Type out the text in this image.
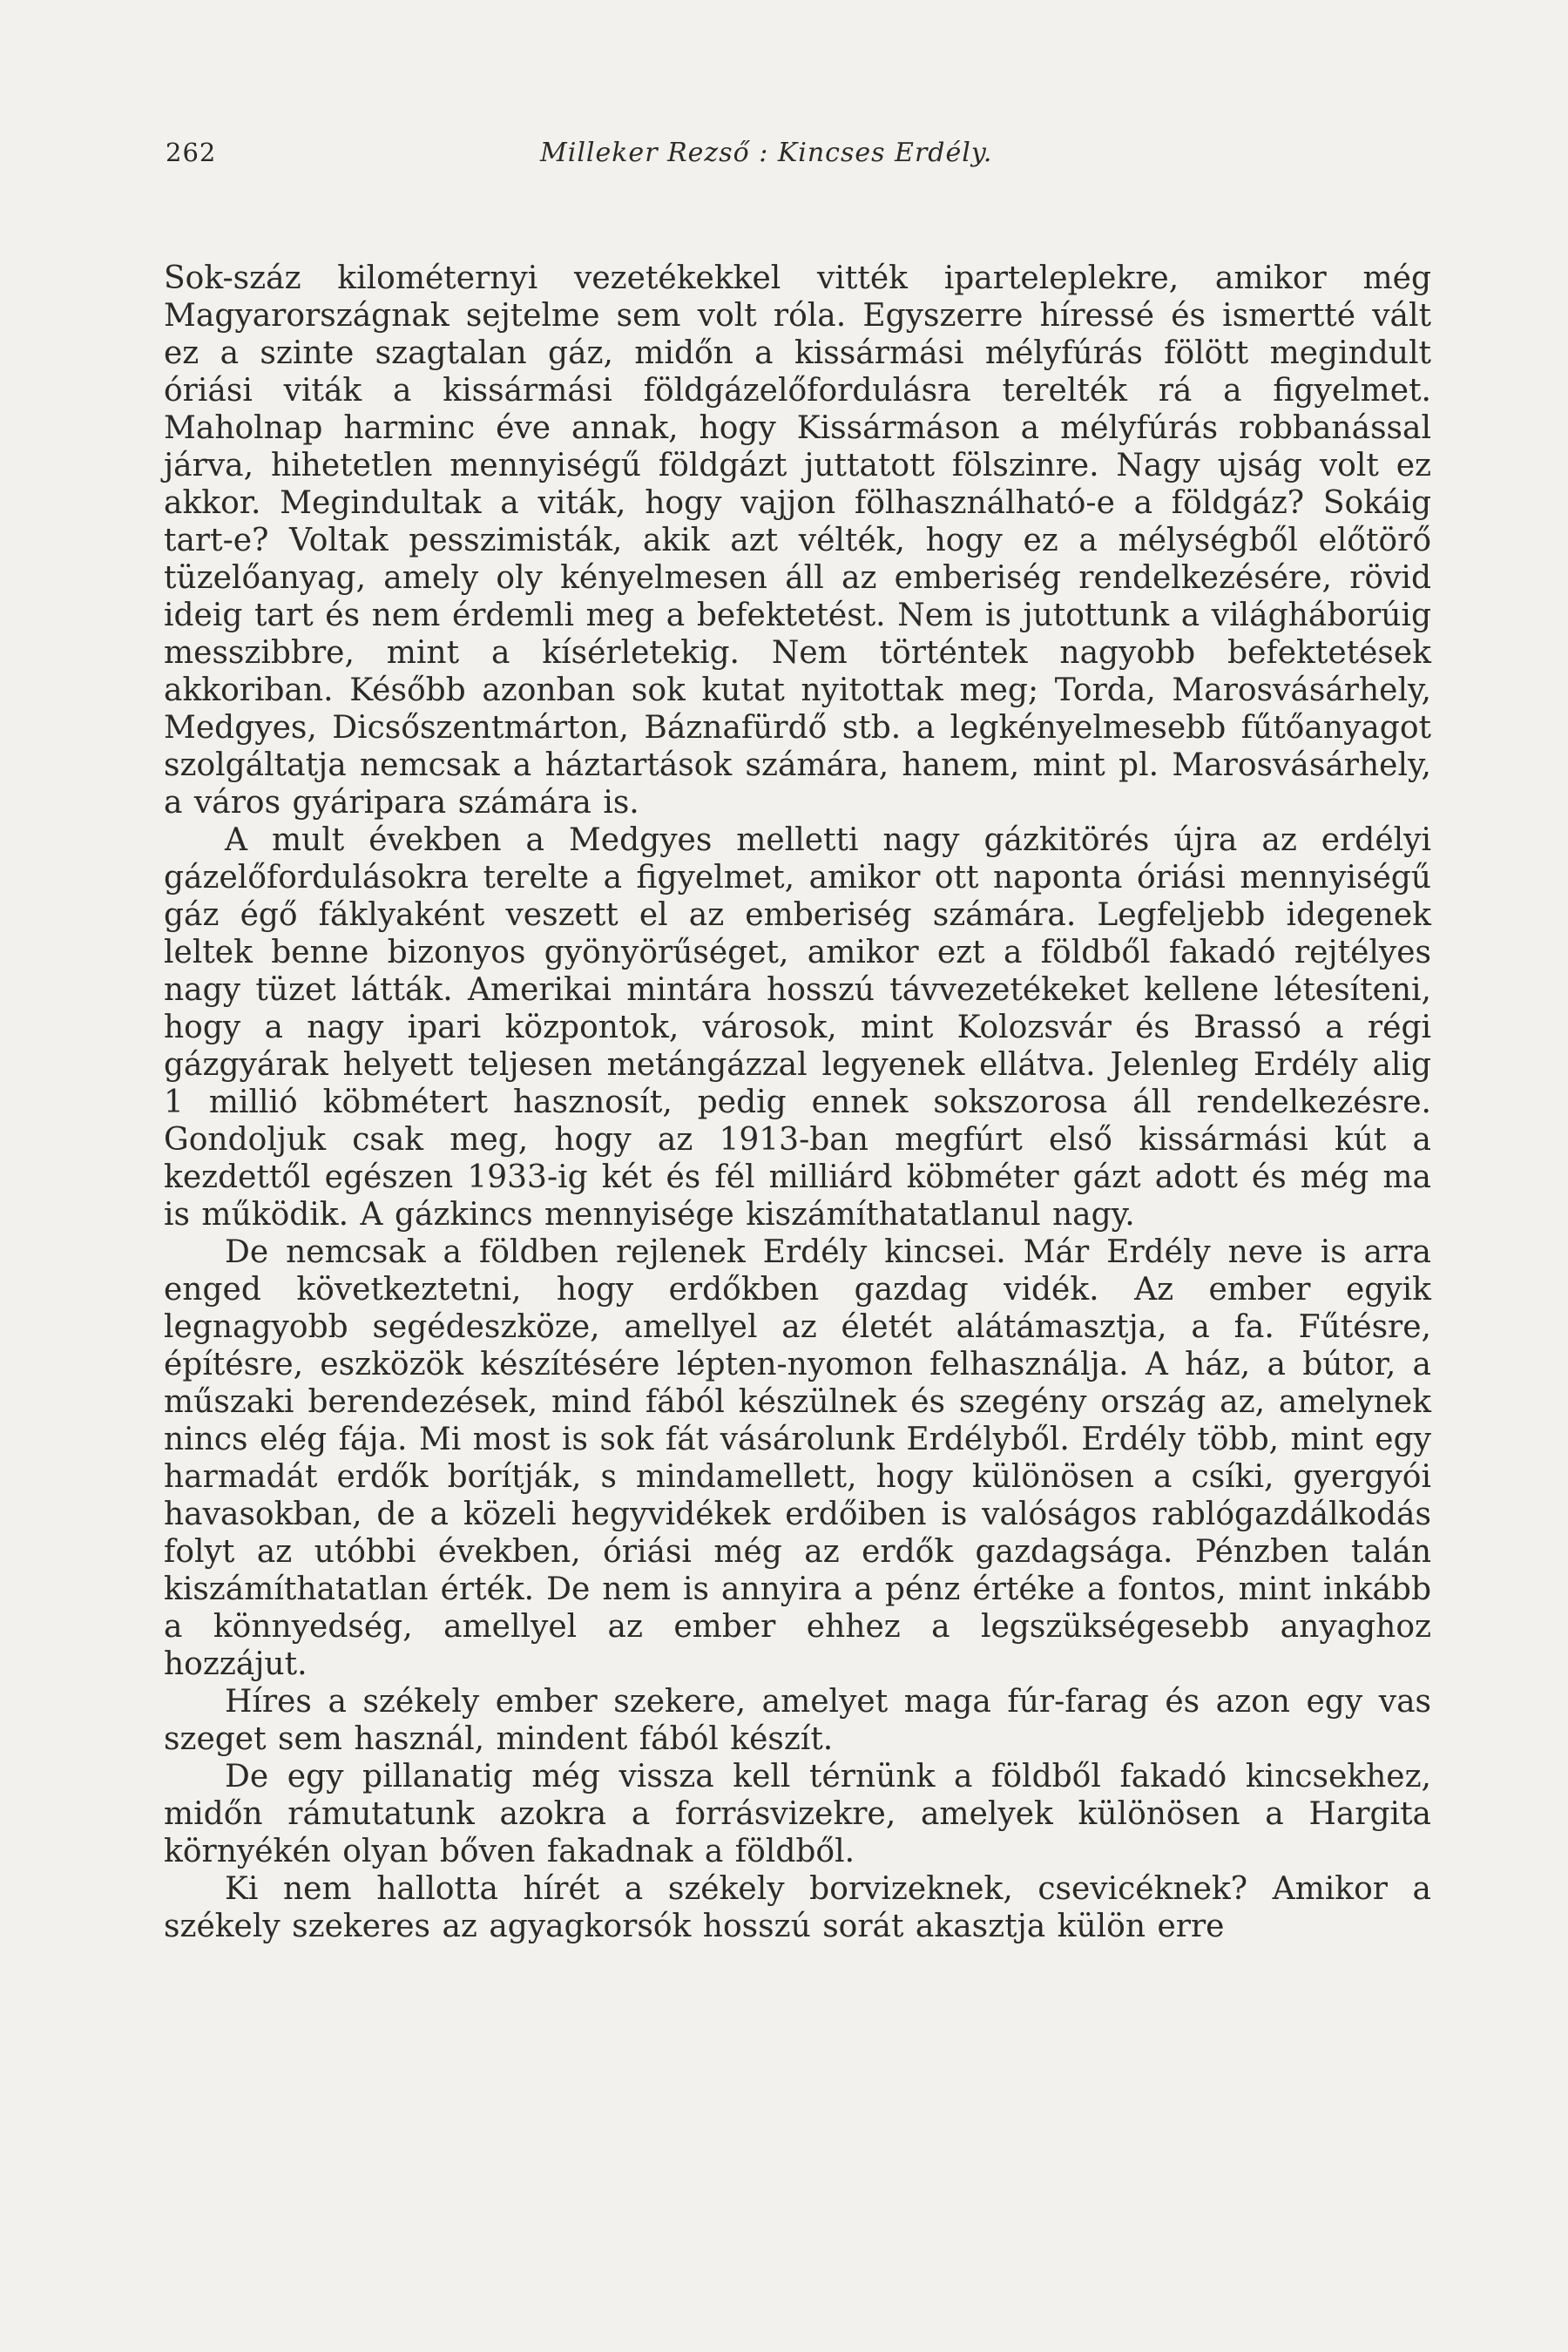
262	Milleker Rezső : Kincses Erdély.

Sok-száz kilométernyi vezetékekkel vitték iparteleplekre, amikor még Magyarországnak sejtelme sem volt róla. Egyszerre híressé és ismertté vált ez a szinte szagtalan gáz, midőn a kissármási mélyfúrás fölött megindult óriási viták a kissármási földgázelőfordulásra terelték rá a figyelmet. Maholnap harminc éve annak, hogy Kissármáson a mélyfúrás robbanással járva, hihetetlen mennyiségű földgázt juttatott fölszinre. Nagy ujság volt ez akkor. Megindultak a viták, hogy vajjon fölhasználható-e a földgáz? Sokáig tart-e? Voltak pesszimisták, akik azt vélték, hogy ez a mélységből előtörő tüzelőanyag, amely oly kényelmesen áll az emberiség rendelkezésére, rövid ideig tart és nem érdemli meg a befektetést. Nem is jutottunk a világháborúig messzibbre, mint a kísérletekig. Nem történtek nagyobb befektetések akkoriban. Később azonban sok kutat nyitottak meg; Torda, Marosvásárhely, Medgyes, Dicsőszentmárton, Báznafürdő stb. a legkényelmesebb fűtőanyagot szolgáltatja nemcsak a háztartások számára, hanem, mint pl. Marosvásárhely, a város gyáripara számára is.

A mult években a Medgyes melletti nagy gázkitörés újra az erdélyi gázelőfordulásokra terelte a figyelmet, amikor ott naponta óriási mennyiségű gáz égő fáklyaként veszett el az emberiség számára. Legfeljebb idegenek leltek benne bizonyos gyönyörűséget, amikor ezt a földből fakadó rejtélyes nagy tüzet látták. Amerikai mintára hosszú távvezetékeket kellene létesíteni, hogy a nagy ipari központok, városok, mint Kolozsvár és Brassó a régi gázgyárak helyett teljesen metángázzal legyenek ellátva. Jelenleg Erdély alig 1 millió köbmétert hasznosít, pedig ennek sokszorosa áll rendelkezésre. Gondoljuk csak meg, hogy az 1913-ban megfúrt első kissármási kút a kezdettől egészen 1933-ig két és fél milliárd köbméter gázt adott és még ma is működik. A gázkincs mennyisége kiszámíthatatlanul nagy.

De nemcsak a földben rejlenek Erdély kincsei. Már Erdély neve is arra enged következtetni, hogy erdőkben gazdag vidék. Az ember egyik legnagyobb segédeszköze, amellyel az életét alátámasztja, a fa. Fűtésre, építésre, eszközök készítésére lépten-nyomon felhasználja. A ház, a bútor, a műszaki berendezések, mind fából készülnek és szegény ország az, amelynek nincs elég fája. Mi most is sok fát vásárolunk Erdélyből. Erdély több, mint egy harmadát erdők borítják, s mindamellett, hogy különösen a csíki, gyergyói havasokban, de a közeli hegyvidékek erdőiben is valóságos rablógazdálkodás folyt az utóbbi években, óriási még az erdők gazdagsága. Pénzben talán kiszámíthatatlan érték. De nem is annyira a pénz értéke a fontos, mint inkább a könnyedség, amellyel az ember ehhez a legszükségesebb anyaghoz hozzájut.

Híres a székely ember szekere, amelyet maga fúr-farag és azon egy vas szeget sem használ, mindent fából készít.

De egy pillanatig még vissza kell térnünk a földből fakadó kincsekhez, midőn rámutatunk azokra a forrásvizekre, amelyek különösen a Hargita környékén olyan bőven fakadnak a földből.

Ki nem hallotta hírét a székely borvizeknek, csevicéknek? Amikor a székely szekeres az agyagkorsók hosszú sorát akasztja külön erre
